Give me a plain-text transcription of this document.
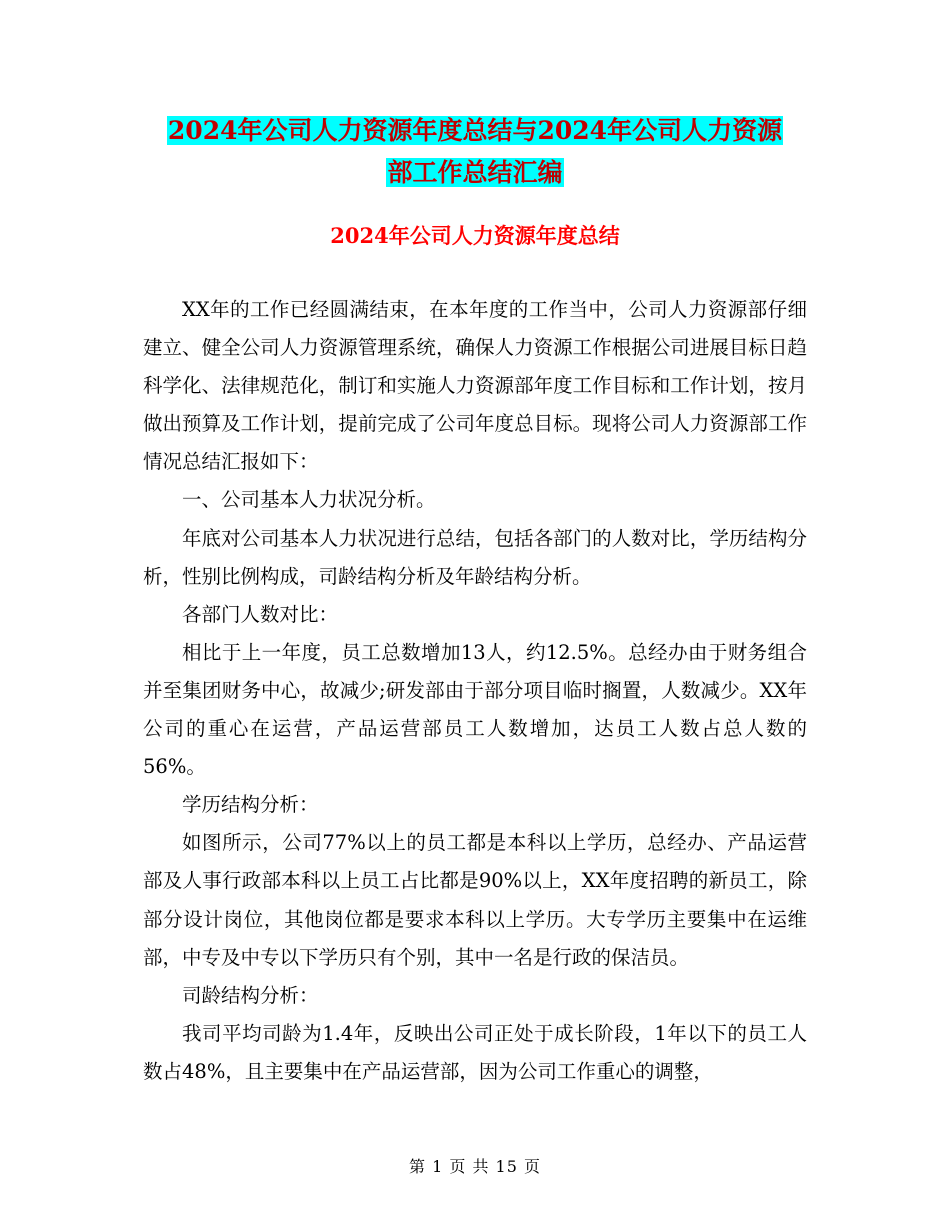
2024年公司人力资源年度总结与2024年公司人力资源
部工作总结汇编
2024年公司人力资源年度总结

XX年的工作已经圆满结束，在本年度的工作当中，公司人力资源部仔细建立、健全公司人力资源管理系统，确保人力资源工作根据公司进展目标日趋科学化、法律规范化，制订和实施人力资源部年度工作目标和工作计划，按月做出预算及工作计划，提前完成了公司年度总目标。现将公司人力资源部工作情况总结汇报如下：

一、公司基本人力状况分析。

年底对公司基本人力状况进行总结，包括各部门的人数对比，学历结构分析，性别比例构成，司龄结构分析及年龄结构分析。

各部门人数对比：

相比于上一年度，员工总数增加13人，约12.5%。总经办由于财务组合并至集团财务中心，故减少;研发部由于部分项目临时搁置，人数减少。XX年公司的重心在运营，产品运营部员工人数增加，达员工人数占总人数的56%。

学历结构分析：

如图所示，公司77%以上的员工都是本科以上学历，总经办、产品运营部及人事行政部本科以上员工占比都是90%以上，XX年度招聘的新员工，除部分设计岗位，其他岗位都是要求本科以上学历。大专学历主要集中在运维部，中专及中专以下学历只有个别，其中一名是行政的保洁员。

司龄结构分析：

我司平均司龄为1.4年，反映出公司正处于成长阶段，1年以下的员工人数占48%，且主要集中在产品运营部，因为公司工作重心的调整，

第 1 页 共 15 页
